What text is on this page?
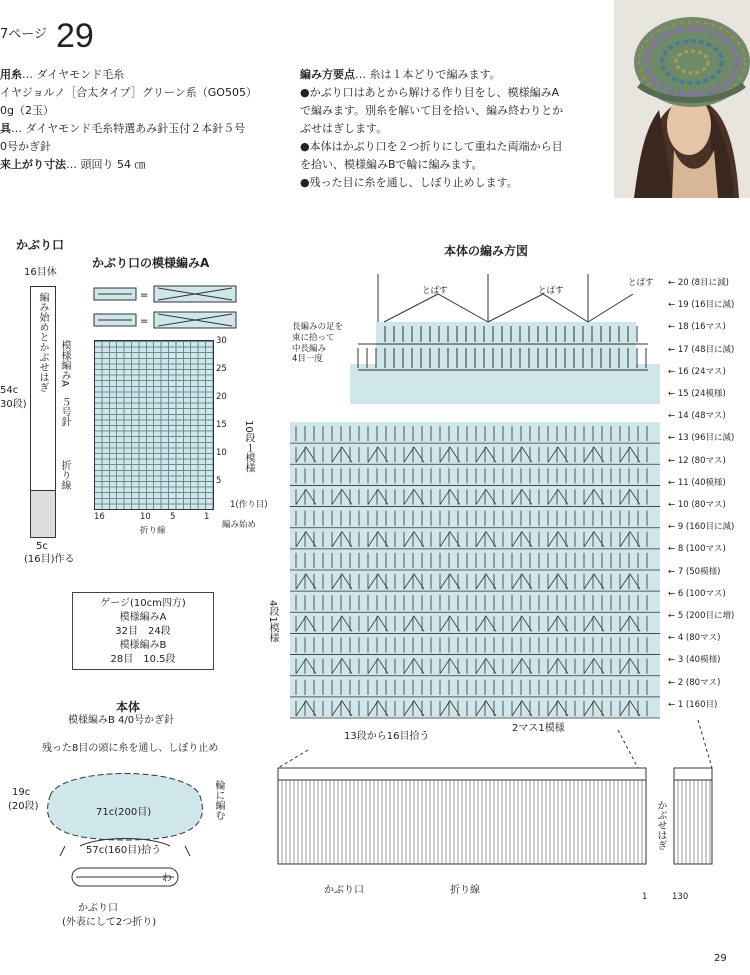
7ページ 29
用糸… ダイヤモンド毛糸
イヤジョルノ［合太タイプ］グリーン系（GO505）
0g（2玉）
具… ダイヤモンド毛糸特選あみ針玉付２本針５号
0号かぎ針
来上がり寸法… 頭回り 54 ㎝
編み方要点… 糸は１本どりで編みます。
●かぶり口はあとから解ける作り目をし、模様編みA
で編みます。別糸を解いて目を拾い、編み終わりとか
ぶせはぎします。
●本体はかぶり口を２つ折りにして重ねた両端から目
を拾い、模様編みBで輪に編みます。
●残った目に糸を通し、しぼり止めします。
かぶり口
16目休
編み始めとかぶせはぎ 模様編みA　５号針
折り線
54c
30段)
5c
(16目)作る
かぶり口の模様編みA
=
=
30
25
20
15
10
5
10段１模様
16	10 5	1
1(作り目)
折り線
編み始め
ゲージ(10cm四方)
模様編みA
32目　24段
模様編みB
28目　10.5段
本体
模様編みB 4/0号かぎ針
残った8目の頭に糸を通し、しぼり止め
19c
(20段)
71c(200目)	輪に編む
57c(160目)拾う
わ
かぶり口
(外表にして2つ折り)
本体の編み方図
とばす	とばす
とばす
長編みの足を
束に拾って
中長編み
4目一度
← 20 (8目に減)
← 19 (16目に減)
← 18 (16マス)
← 17 (48目に減)
← 16 (24マス)
← 15 (24模様)
← 14 (48マス)
← 13 (96目に減)
← 12 (80マス)
← 11 (40模様)
← 10 (80マス)
← 9 (160目に減)
← 8 (100マス)
← 7 (50模様)
← 6 (100マス)
← 5 (200目に増)
← 4 (80マス)
← 3 (40模様)
← 2 (80マス)
← 1 (160目)
4段1模様
13段から16目拾う
2マス1模様
かぶせはぎ
かぶり口	折り線
1	130
29
